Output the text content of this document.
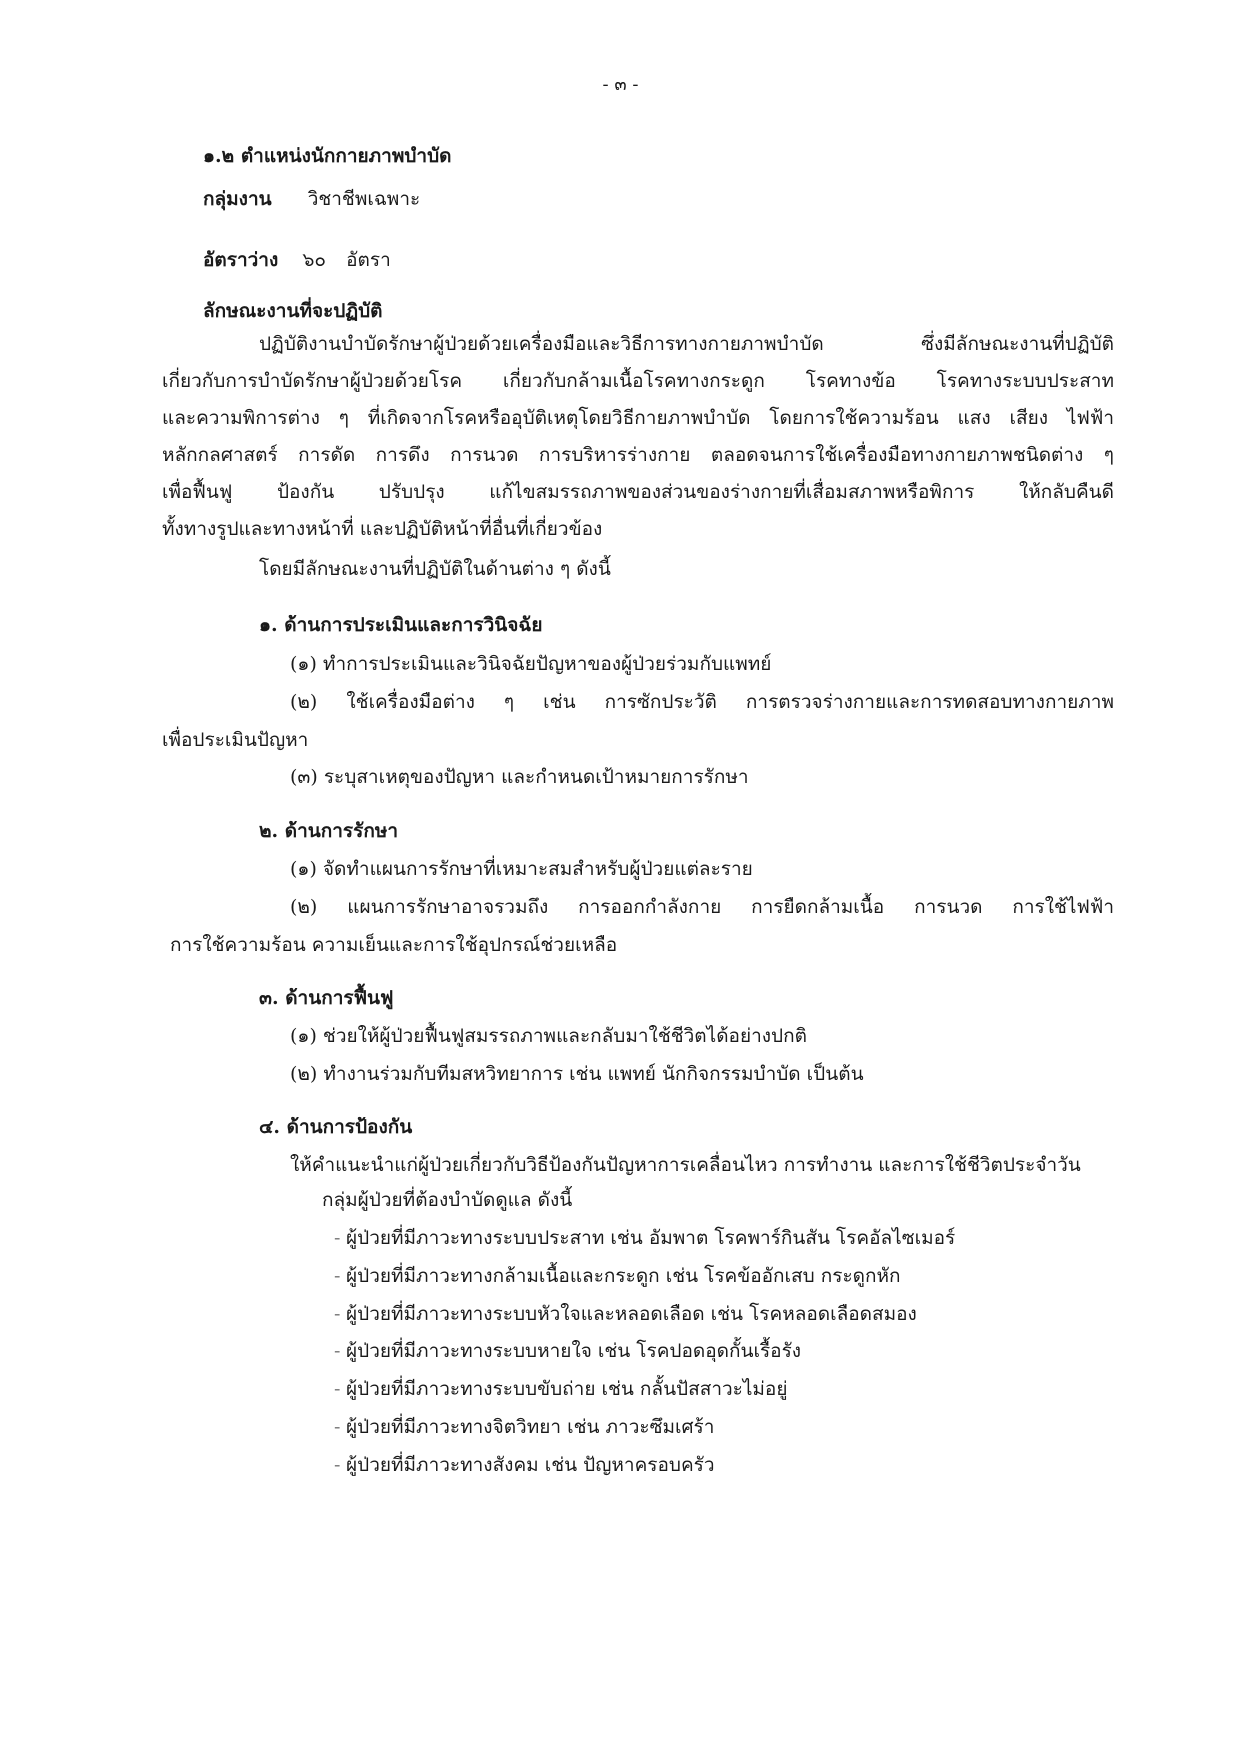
- ๓ -

๑.๒ ตำแหน่งนักกายภาพบำบัด

กลุ่มงาน วิชาชีพเฉพาะ

อัตราว่าง ๖๐ อัตรา

ลักษณะงานที่จะปฏิบัติ

ปฏิบัติงานบำบัดรักษาผู้ป่วยด้วยเครื่องมือและวิธีการทางกายภาพบำบัด ซึ่งมีลักษณะงานที่ปฏิบัติ

เกี่ยวกับการบำบัดรักษาผู้ป่วยด้วยโรค เกี่ยวกับกล้ามเนื้อโรคทางกระดูก โรคทางข้อ โรคทางระบบประสาท

และความพิการต่าง ๆ ที่เกิดจากโรคหรืออุบัติเหตุโดยวิธีกายภาพบำบัด โดยการใช้ความร้อน แสง เสียง ไฟฟ้า

หลักกลศาสตร์ การดัด การดึง การนวด การบริหารร่างกาย ตลอดจนการใช้เครื่องมือทางกายภาพชนิดต่าง ๆ

เพื่อฟื้นฟู ป้องกัน ปรับปรุง แก้ไขสมรรถภาพของส่วนของร่างกายที่เสื่อมสภาพหรือพิการ ให้กลับคืนดี

ทั้งทางรูปและทางหน้าที่ และปฏิบัติหน้าที่อื่นที่เกี่ยวข้อง

โดยมีลักษณะงานที่ปฏิบัติในด้านต่าง ๆ ดังนี้

๑. ด้านการประเมินและการวินิจฉัย

(๑) ทำการประเมินและวินิจฉัยปัญหาของผู้ป่วยร่วมกับแพทย์

(๒) ใช้เครื่องมือต่าง ๆ เช่น การซักประวัติ การตรวจร่างกายและการทดสอบทางกายภาพ

เพื่อประเมินปัญหา

(๓) ระบุสาเหตุของปัญหา และกำหนดเป้าหมายการรักษา

๒. ด้านการรักษา

(๑) จัดทำแผนการรักษาที่เหมาะสมสำหรับผู้ป่วยแต่ละราย

(๒) แผนการรักษาอาจรวมถึง การออกกำลังกาย การยืดกล้ามเนื้อ การนวด การใช้ไฟฟ้า

การใช้ความร้อน ความเย็นและการใช้อุปกรณ์ช่วยเหลือ

๓. ด้านการฟื้นฟู

(๑) ช่วยให้ผู้ป่วยฟื้นฟูสมรรถภาพและกลับมาใช้ชีวิตได้อย่างปกติ

(๒) ทำงานร่วมกับทีมสหวิทยาการ เช่น แพทย์ นักกิจกรรมบำบัด เป็นต้น

๔. ด้านการป้องกัน

ให้คำแนะนำแก่ผู้ป่วยเกี่ยวกับวิธีป้องกันปัญหาการเคลื่อนไหว การทำงาน และการใช้ชีวิตประจำวัน

กลุ่มผู้ป่วยที่ต้องบำบัดดูแล ดังนี้

- ผู้ป่วยที่มีภาวะทางระบบประสาท เช่น อัมพาต โรคพาร์กินสัน โรคอัลไซเมอร์

- ผู้ป่วยที่มีภาวะทางกล้ามเนื้อและกระดูก เช่น โรคข้ออักเสบ กระดูกหัก

- ผู้ป่วยที่มีภาวะทางระบบหัวใจและหลอดเลือด เช่น โรคหลอดเลือดสมอง

- ผู้ป่วยที่มีภาวะทางระบบหายใจ เช่น โรคปอดอุดกั้นเรื้อรัง

- ผู้ป่วยที่มีภาวะทางระบบขับถ่าย เช่น กลั้นปัสสาวะไม่อยู่

- ผู้ป่วยที่มีภาวะทางจิตวิทยา เช่น ภาวะซึมเศร้า

- ผู้ป่วยที่มีภาวะทางสังคม เช่น ปัญหาครอบครัว
